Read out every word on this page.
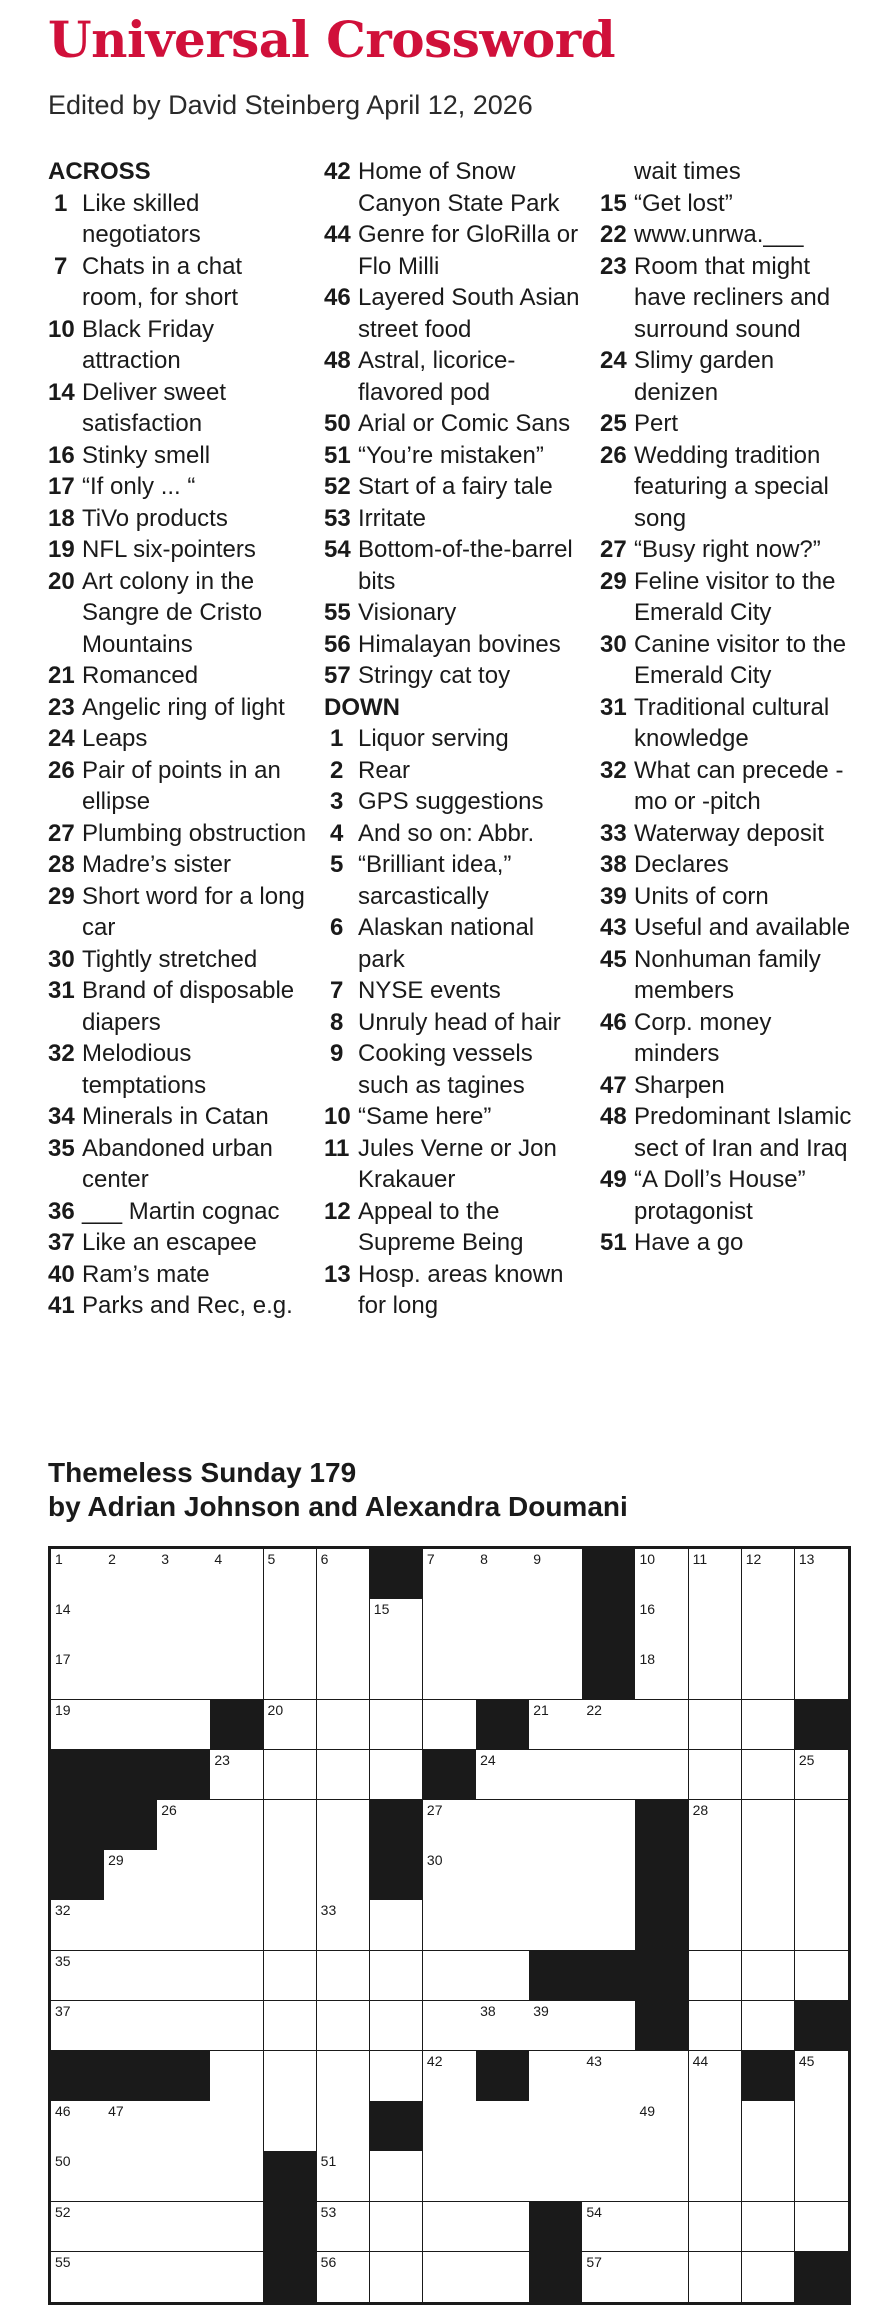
Universal Crossword
Edited by David Steinberg April 12, 2026
ACROSS
1 Like skilled negotiators
7 Chats in a chat room, for short
10 Black Friday attraction
14 Deliver sweet satisfaction
16 Stinky smell
17 “If only ... “
18 TiVo products
19 NFL six-pointers
20 Art colony in the Sangre de Cristo Mountains
21 Romanced
23 Angelic ring of light
24 Leaps
26 Pair of points in an ellipse
27 Plumbing obstruction
28 Madre’s sister
29 Short word for a long car
30 Tightly stretched
31 Brand of disposable diapers
32 Melodious temptations
34 Minerals in Catan
35 Abandoned urban center
36 ___ Martin cognac
37 Like an escapee
40 Ram’s mate
41 Parks and Rec, e.g.
42 Home of Snow Canyon State Park
44 Genre for GloRilla or Flo Milli
46 Layered South Asian street food
48 Astral, licorice-flavored pod
50 Arial or Comic Sans
51 “You’re mistaken”
52 Start of a fairy tale
53 Irritate
54 Bottom-of-the-barrel bits
55 Visionary
56 Himalayan bovines
57 Stringy cat toy
DOWN
1 Liquor serving
2 Rear
3 GPS suggestions
4 And so on: Abbr.
5 “Brilliant idea,” sarcastically
6 Alaskan national park
7 NYSE events
8 Unruly head of hair
9 Cooking vessels such as tagines
10 “Same here”
11 Jules Verne or Jon Krakauer
12 Appeal to the Supreme Being
13 Hosp. areas known for long
wait times
15 “Get lost”
22 www.unrwa.___
23 Room that might have recliners and surround sound
24 Slimy garden denizen
25 Pert
26 Wedding tradition featuring a special song
27 “Busy right now?”
29 Feline visitor to the Emerald City
30 Canine visitor to the Emerald City
31 Traditional cultural knowledge
32 What can precede -mo or -pitch
33 Waterway deposit
38 Declares
39 Units of corn
43 Useful and available
45 Nonhuman family members
46 Corp. money minders
47 Sharpen
48 Predominant Islamic sect of Iran and Iraq
49 “A Doll’s House” protagonist
51 Have a go
Themeless Sunday 179
by Adrian Johnson and Alexandra Doumani
1	2	3	4	5	6	7	8	9	10	11	12	13
14	15	16
17	18
19	20	21	22
23	24	25
26	27	28
29	30
32	33
35
37	38	39
42	43	44	45
46	47	49
50	51
52	53	54
55	56	57
